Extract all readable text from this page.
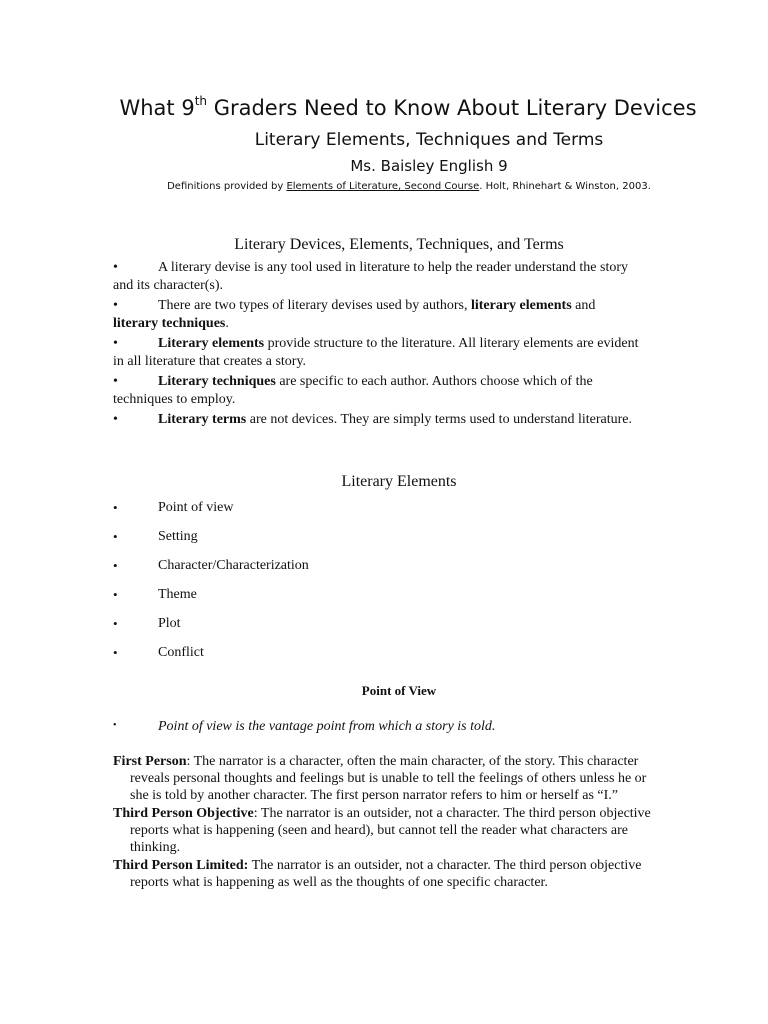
What 9th Graders Need to Know About Literary Devices
Literary Elements, Techniques and Terms
Ms. Baisley English 9
Definitions provided by Elements of Literature, Second Course. Holt, Rhinehart & Winston, 2003.
Literary Devices, Elements, Techniques, and Terms
•	A literary devise is any tool used in literature to help the reader understand the story and its character(s).
•	There are two types of literary devises used by authors, literary elements and literary techniques.
•	Literary elements provide structure to the literature. All literary elements are evident in all literature that creates a story.
•	Literary techniques are specific to each author. Authors choose which of the techniques to employ.
•	Literary terms are not devices. They are simply terms used to understand literature.
Literary Elements
•	Point of view
•	Setting
•	Character/Characterization
•	Theme
•	Plot
•	Conflict
Point of View
•	Point of view is the vantage point from which a story is told.
First Person: The narrator is a character, often the main character, of the story. This character reveals personal thoughts and feelings but is unable to tell the feelings of others unless he or she is told by another character. The first person narrator refers to him or herself as “I.”
Third Person Objective: The narrator is an outsider, not a character. The third person objective reports what is happening (seen and heard), but cannot tell the reader what characters are thinking.
Third Person Limited: The narrator is an outsider, not a character. The third person objective reports what is happening as well as the thoughts of one specific character.
